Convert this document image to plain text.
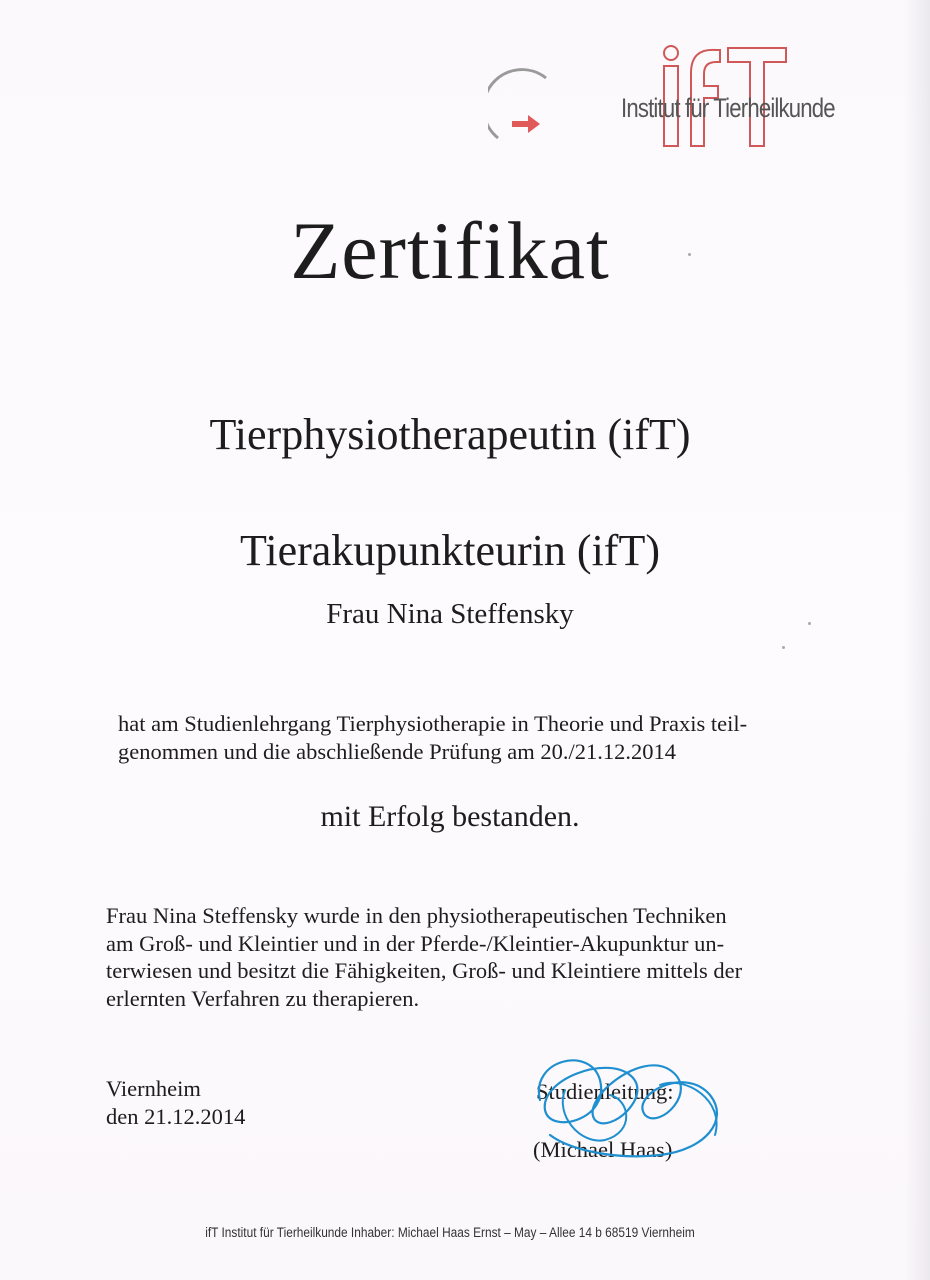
Institut für Tierheilkunde
Zertifikat
Tierphysiotherapeutin (ifT)
Tierakupunkteurin (ifT)
Frau Nina Steffensky

hat am Studienlehrgang Tierphysiotherapie in Theorie und Praxis teil-
genommen und die abschließende Prüfung am 20./21.12.2014

mit Erfolg bestanden.

Frau Nina Steffensky wurde in den physiotherapeutischen Techniken
am Groß- und Kleintier und in der Pferde-/Kleintier-Akupunktur un-
terwiesen und besitzt die Fähigkeiten, Groß- und Kleintiere mittels der
erlernten Verfahren zu therapieren.

Viernheim
den 21.12.2014
Studienleitung:
(Michael Haas)
ifT Institut für Tierheilkunde Inhaber: Michael Haas Ernst – May – Allee 14 b 68519 Viernheim
